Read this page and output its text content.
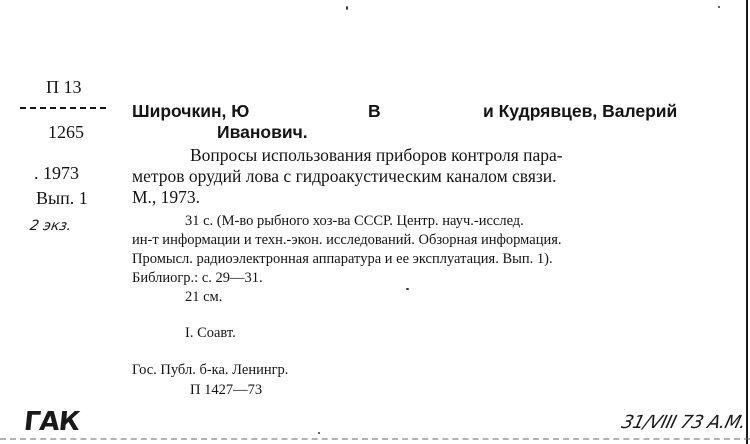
П 13
1265
. 1973
Вып. 1
2 экз.
Широчкин, Ю	В	и Кудрявцев, Валерий
Иванович.
Вопросы использования приборов контроля пара-
метров орудий лова с гидроакустическим каналом связи.
М., 1973.
31 с. (М-во рыбного хоз-ва СССР. Центр. науч.-исслед.
ин-т информации и техн.-экон. исследований. Обзорная информация.
Промысл. радиоэлектронная аппаратура и ее эксплуатация. Вып. 1).
Библиогр.: с. 29—31.
21 см.
I. Соавт.
Гос. Публ. б-ка. Ленингр.
П 1427—73
ГАК	31/VIII 73 А.М.
